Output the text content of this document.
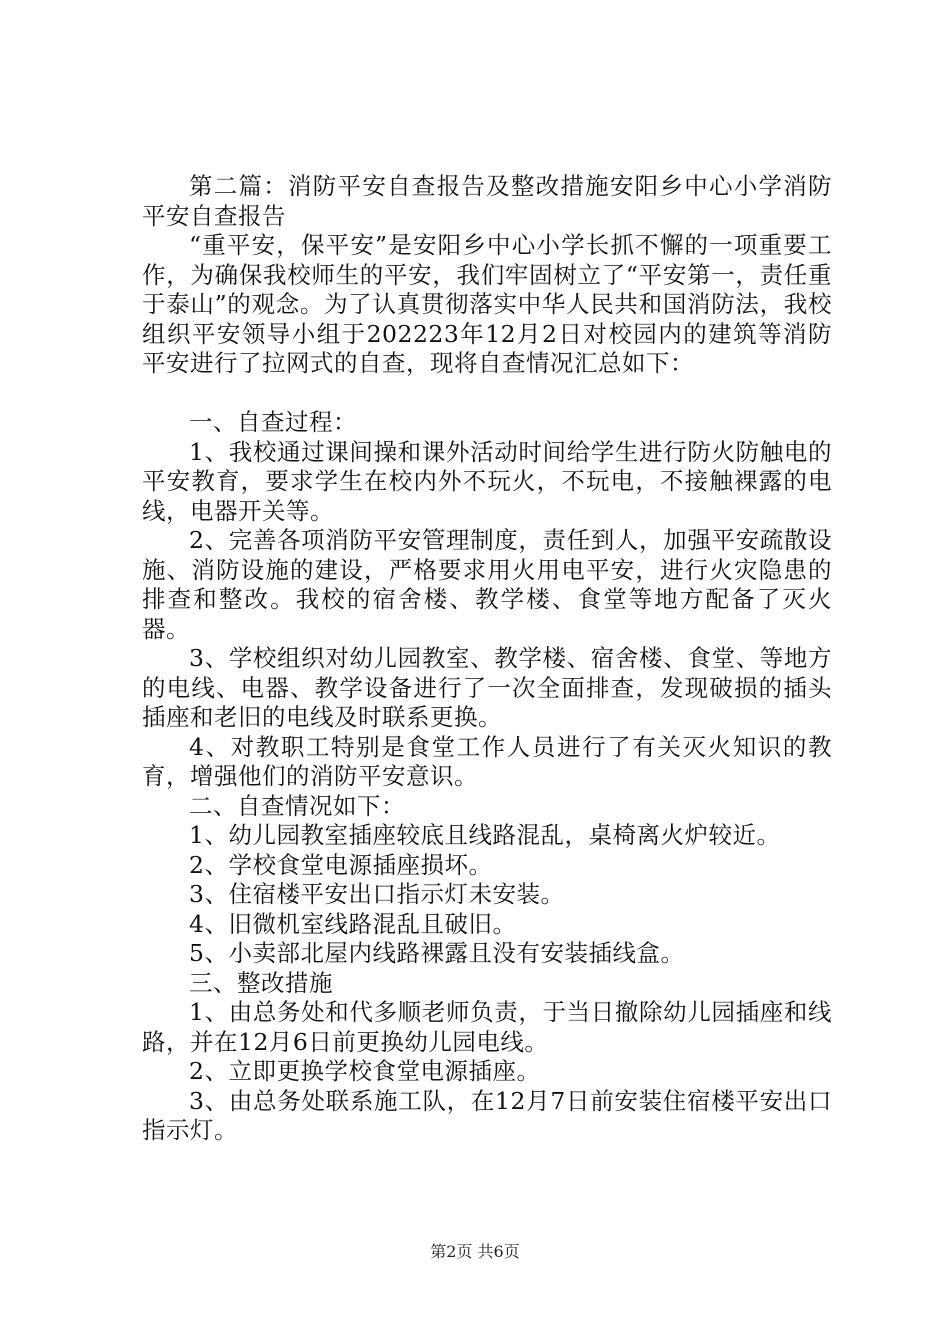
第二篇：消防平安自查报告及整改措施安阳乡中心小学消防平安自查报告

“重平安，保平安”是安阳乡中心小学长抓不懈的一项重要工作，为确保我校师生的平安，我们牢固树立了“平安第一，责任重于泰山”的观念。为了认真贯彻落实中华人民共和国消防法，我校组织平安领导小组于202223年12月2日对校园内的建筑等消防平安进行了拉网式的自查，现将自查情况汇总如下：

一、自查过程：

1、我校通过课间操和课外活动时间给学生进行防火防触电的平安教育，要求学生在校内外不玩火，不玩电，不接触裸露的电线，电器开关等。

2、完善各项消防平安管理制度，责任到人，加强平安疏散设施、消防设施的建设，严格要求用火用电平安，进行火灾隐患的排查和整改。我校的宿舍楼、教学楼、食堂等地方配备了灭火器。

3、学校组织对幼儿园教室、教学楼、宿舍楼、食堂、等地方的电线、电器、教学设备进行了一次全面排查，发现破损的插头插座和老旧的电线及时联系更换。

4、对教职工特别是食堂工作人员进行了有关灭火知识的教育，增强他们的消防平安意识。

二、自查情况如下：

1、幼儿园教室插座较底且线路混乱，桌椅离火炉较近。

2、学校食堂电源插座损坏。

3、住宿楼平安出口指示灯未安装。

4、旧微机室线路混乱且破旧。

5、小卖部北屋内线路裸露且没有安装插线盒。

三、整改措施

1、由总务处和代多顺老师负责，于当日撤除幼儿园插座和线路，并在12月6日前更换幼儿园电线。

2、立即更换学校食堂电源插座。

3、由总务处联系施工队，在12月7日前安装住宿楼平安出口指示灯。

第2页 共6页
